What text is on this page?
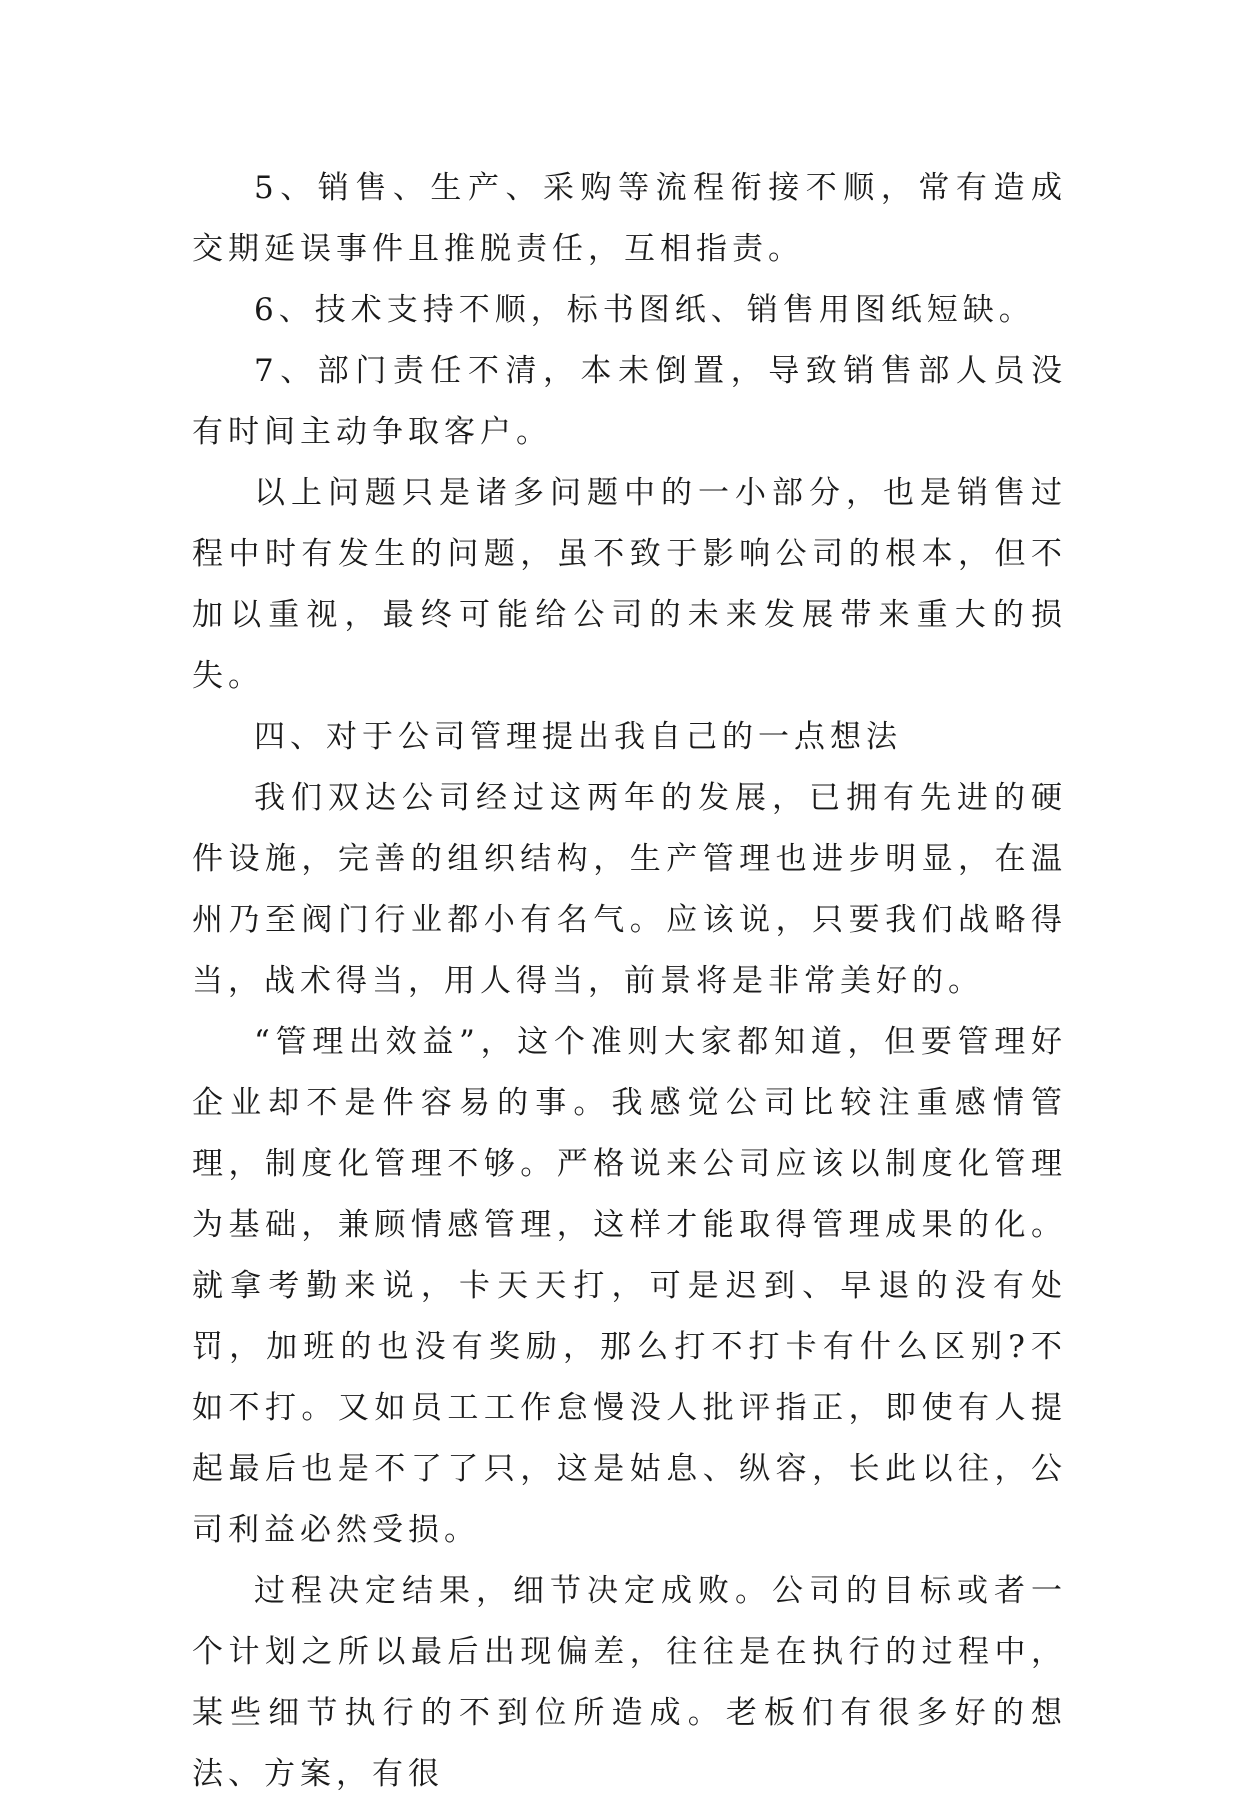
5、销售、生产、采购等流程衔接不顺，常有造成交期延误事件且推脱责任，互相指责。

6、技术支持不顺，标书图纸、销售用图纸短缺。

7、部门责任不清，本未倒置，导致销售部人员没有时间主动争取客户。

以上问题只是诸多问题中的一小部分，也是销售过程中时有发生的问题，虽不致于影响公司的根本，但不加以重视，最终可能给公司的未来发展带来重大的损失。

四、对于公司管理提出我自己的一点想法

我们双达公司经过这两年的发展，已拥有先进的硬件设施，完善的组织结构，生产管理也进步明显，在温州乃至阀门行业都小有名气。应该说，只要我们战略得当，战术得当，用人得当，前景将是非常美好的。

“管理出效益”，这个准则大家都知道，但要管理好企业却不是件容易的事。我感觉公司比较注重感情管理，制度化管理不够。严格说来公司应该以制度化管理为基础，兼顾情感管理，这样才能取得管理成果的化。就拿考勤来说，卡天天打，可是迟到、早退的没有处罚，加班的也没有奖励，那么打不打卡有什么区别?不如不打。又如员工工作怠慢没人批评指正，即使有人提起最后也是不了了只，这是姑息、纵容，长此以往，公司利益必然受损。

过程决定结果，细节决定成败。公司的目标或者一个计划之所以最后出现偏差，往往是在执行的过程中，某些细节执行的不到位所造成。老板们有很多好的想法、方案，有很
